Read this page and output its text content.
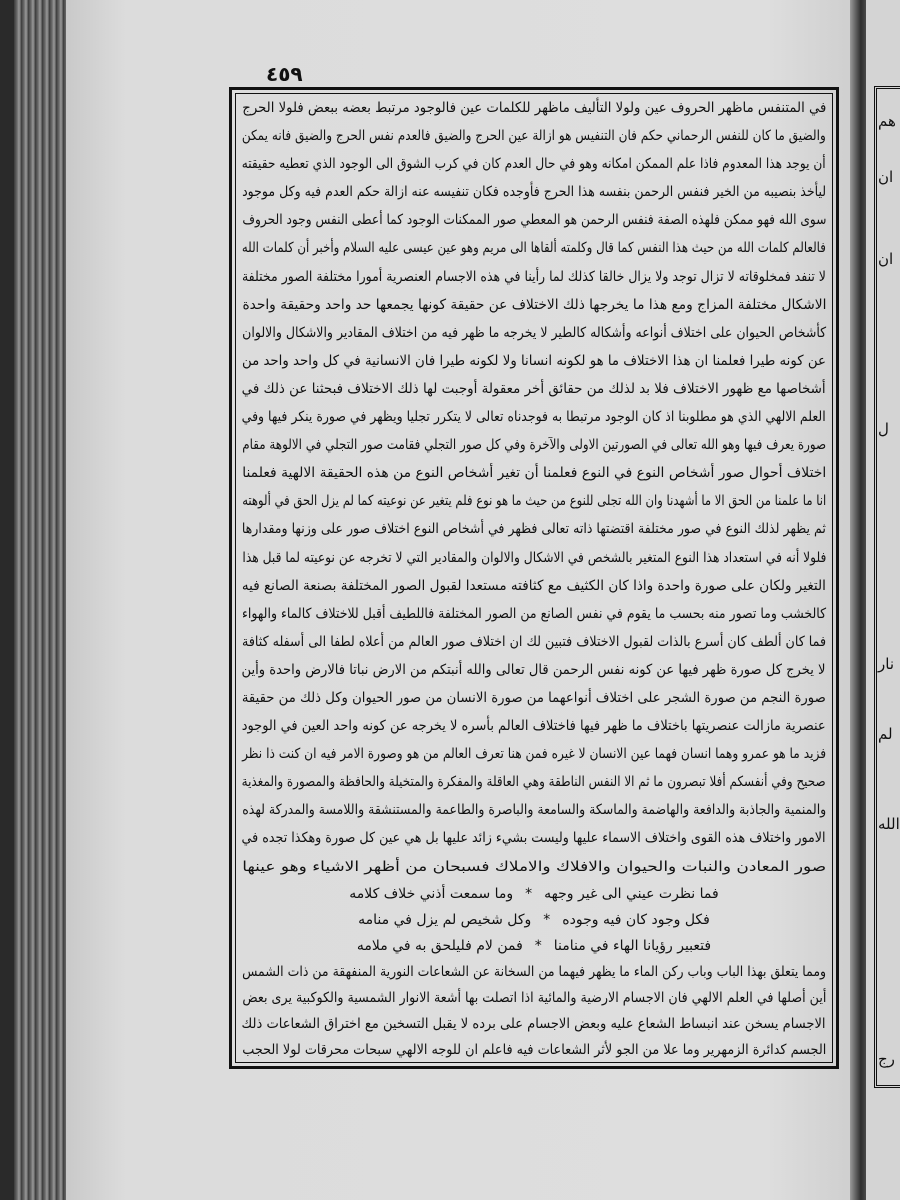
هم
ان
ان
ل
نار
لم
الله
رج
٤٥٩
في المتنفس ماظهر الحروف عين ولولا التأليف ماظهر للكلمات عين فالوجود مرتبط بعضه ببعض فلولا الحرج
والضيق ما كان للنفس الرحماني حكم فان التنفيس هو ازالة عين الحرج والضيق فالعدم نفس الحرج والضيق فانه يمكن
أن يوجد هذا المعدوم فاذا علم الممكن امكانه وهو في حال العدم كان في كرب الشوق الى الوجود الذي تعطيه حقيقته
ليأخذ بنصيبه من الخير فنفس الرحمن بنفسه هذا الحرج فأوجده فكان تنفيسه عنه ازالة حكم العدم فيه وكل موجود
سوى الله فهو ممكن فلهذه الصفة فنفس الرحمن هو المعطي صور الممكنات الوجود كما أعطى النفس وجود الحروف
فالعالم كلمات الله من حيث هذا النفس كما قال وكلمته ألقاها الى مريم وهو عين عيسى عليه السلام وأخبر أن كلمات الله
لا تنفد فمخلوقاته لا تزال توجد ولا يزال خالقا كذلك لما رأينا في هذه الاجسام العنصرية أمورا مختلفة الصور مختلفة
الاشكال مختلفة المزاج ومع هذا ما يخرجها ذلك الاختلاف عن حقيقة كونها يجمعها حد واحد وحقيقة واحدة
كأشخاص الحيوان على اختلاف أنواعه وأشكاله كالطير لا يخرجه ما ظهر فيه من اختلاف المقادير والاشكال والالوان
عن كونه طيرا فعلمنا ان هذا الاختلاف ما هو لكونه انسانا ولا لكونه طيرا فان الانسانية في كل واحد واحد من
أشخاصها مع ظهور الاختلاف فلا بد لذلك من حقائق أخر معقولة أوجبت لها ذلك الاختلاف فبحثنا عن ذلك في
العلم الالهي الذي هو مطلوبنا اذ كان الوجود مرتبطا به فوجدناه تعالى لا يتكرر تجليا ويظهر في صورة ينكر فيها وفي
صورة يعرف فيها وهو الله تعالى في الصورتين الاولى والآخرة وفي كل صور التجلي فقامت صور التجلي في الالوهة مقام
اختلاف أحوال صور أشخاص النوع في النوع فعلمنا أن تغير أشخاص النوع من هذه الحقيقة الالهية فعلمنا
انا ما علمنا من الحق الا ما أشهدنا وان الله تجلى للنوع من حيث ما هو نوع فلم يتغير عن نوعيته كما لم يزل الحق في ألوهته
ثم يظهر لذلك النوع في صور مختلفة اقتضتها ذاته تعالى فظهر في أشخاص النوع اختلاف صور على وزنها ومقدارها
فلولا أنه في استعداد هذا النوع المتغير بالشخص في الاشكال والالوان والمقادير التي لا تخرجه عن نوعيته لما قبل هذا
التغير ولكان على صورة واحدة واذا كان الكثيف مع كثافته مستعدا لقبول الصور المختلفة بصنعة الصانع فيه
كالخشب وما تصور منه بحسب ما يقوم في نفس الصانع من الصور المختلفة فاللطيف أقبل للاختلاف كالماء والهواء
فما كان ألطف كان أسرع بالذات لقبول الاختلاف فتبين لك ان اختلاف صور العالم من أعلاه لطفا الى أسفله كثافة
لا يخرج كل صورة ظهر فيها عن كونه نفس الرحمن قال تعالى والله أنبتكم من الارض نباتا فالارض واحدة وأين
صورة النجم من صورة الشجر على اختلاف أنواعهما من صورة الانسان من صور الحيوان وكل ذلك من حقيقة
عنصرية مازالت عنصريتها باختلاف ما ظهر فيها فاختلاف العالم بأسره لا يخرجه عن كونه واحد العين في الوجود
فزيد ما هو عمرو وهما انسان فهما عين الانسان لا غيره فمن هنا تعرف العالم من هو وصورة الامر فيه ان كنت ذا نظر
صحيح وفي أنفسكم أفلا تبصرون ما ثم الا النفس الناطقة وهي العاقلة والمفكرة والمتخيلة والحافظة والمصورة والمغذية
والمنمية والجاذبة والدافعة والهاضمة والماسكة والسامعة والباصرة والطاعمة والمستنشقة واللامسة والمدركة لهذه
الامور واختلاف هذه القوى واختلاف الاسماء عليها وليست بشيء زائد عليها بل هي عين كل صورة وهكذا تجده في
صور المعادن والنبات والحيوان والافلاك والاملاك فسبحان من أظهر الاشياء وهو عينها
فما نظرت عيني الى غير وجهه*وما سمعت أذني خلاف كلامه
فكل وجود كان فيه وجوده*وكل شخيص لم يزل في منامه
فتعبير رؤيانا الهاء في منامنا*فمن لام فليلحق به في ملامه
ومما يتعلق بهذا الباب وباب ركن الماء ما يظهر فيهما من السخانة عن الشعاعات النورية المنفهقة من ذات الشمس
أين أصلها في العلم الالهي فان الاجسام الارضية والمائية اذا اتصلت بها أشعة الانوار الشمسية والكوكبية يرى بعض
الاجسام يسخن عند انبساط الشعاع عليه وبعض الاجسام على برده لا يقبل التسخين مع اختراق الشعاعات ذلك
الجسم كدائرة الزمهرير وما علا من الجو لأثر الشعاعات فيه فاعلم ان للوجه الالهي سبحات محرقات لولا الحجب
